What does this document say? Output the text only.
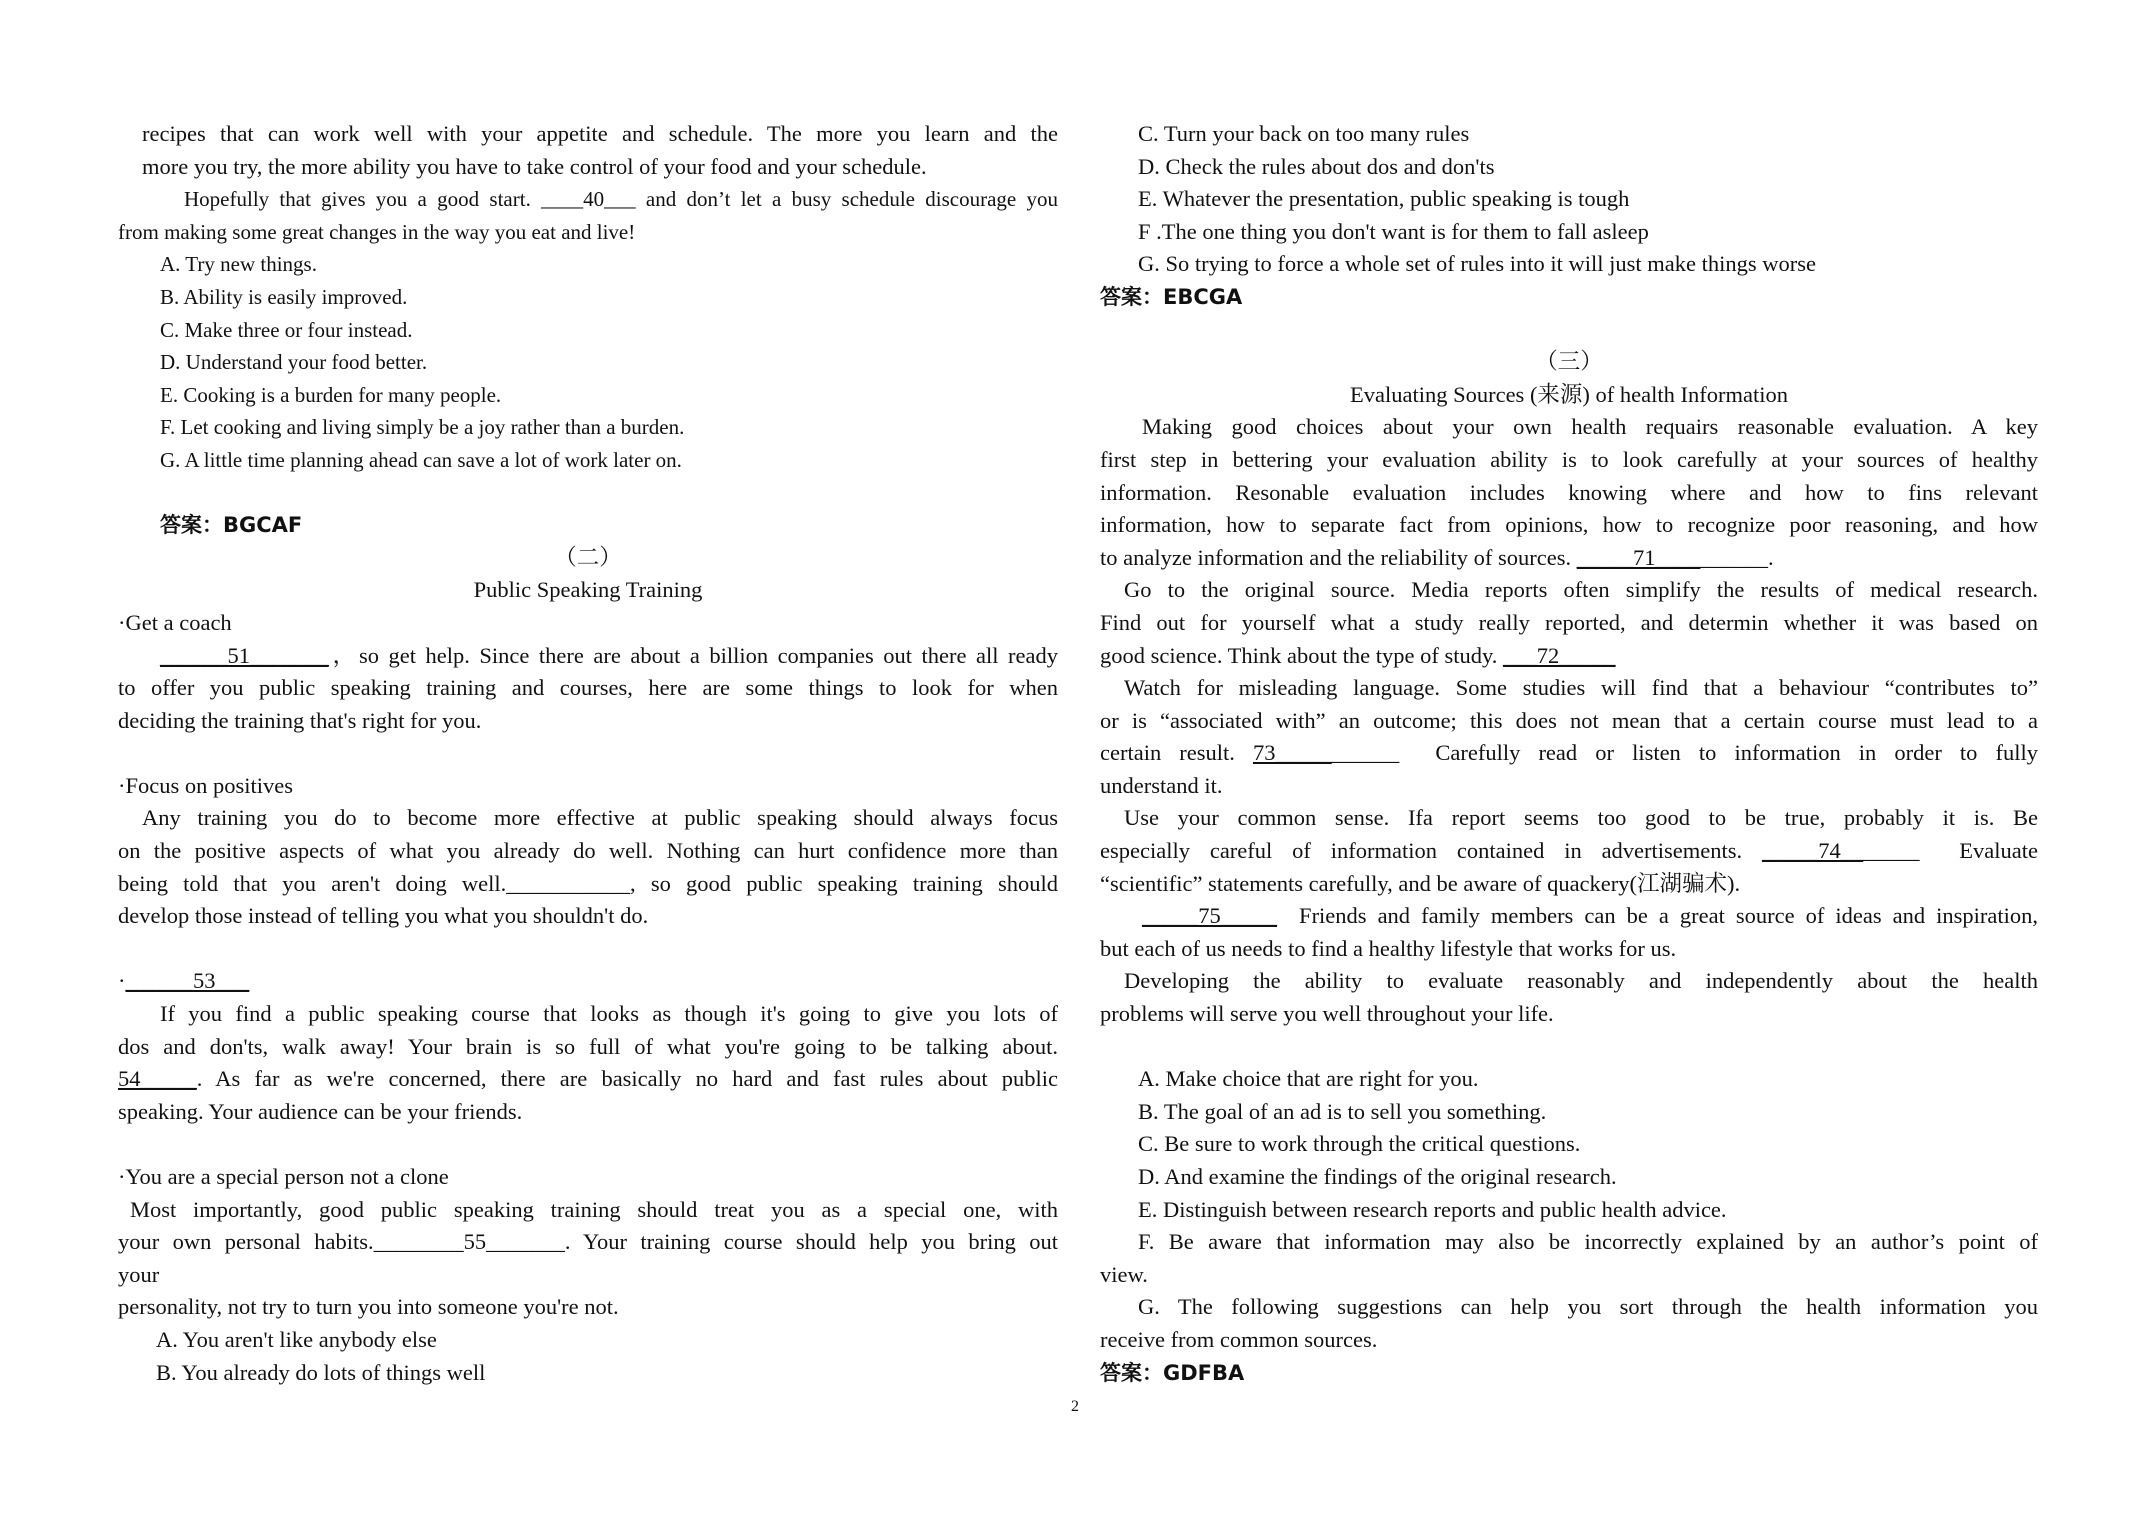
recipes that can work well with your appetite and schedule. The more you learn and the

more you try, the more ability you have to take control of your food and your schedule.

Hopefully that gives you a good start. ____40___ and don’t let a busy schedule discourage you

from making some great changes in the way you eat and live!

A. Try new things.

B. Ability is easily improved.

C. Make three or four instead.

D. Understand your food better.

E. Cooking is a burden for many people.

F. Let cooking and living simply be a joy rather than a burden.

G. A little time planning ahead can save a lot of work later on.

答案：BGCAF

（二）

Public Speaking Training

·Get a coach

______51_______，so get help. Since there are about a billion companies out there all ready

to offer you public speaking training and courses, here are some things to look for when

deciding the training that's right for you.

·Focus on positives

Any training you do to become more effective at public speaking should always focus

on the positive aspects of what you already do well. Nothing can hurt confidence more than

being told that you aren't doing well.___________, so good public speaking training should

develop those instead of telling you what you shouldn't do.

·______53___

If you find a public speaking course that looks as though it's going to give you lots of

dos and don'ts, walk away! Your brain is so full of what you're going to be talking about.

54_____. As far as we're concerned, there are basically no hard and fast rules about public

speaking. Your audience can be your friends.

·You are a special person not a clone

Most importantly, good public speaking training should treat you as a special one, with

your own personal habits.________55_______. Your training course should help you bring out

your

personality, not try to turn you into someone you're not.

A. You aren't like anybody else

B. You already do lots of things well

C. Turn your back on too many rules

D. Check the rules about dos and don'ts

E. Whatever the presentation, public speaking is tough

F .The one thing you don't want is for them to fall asleep

G. So trying to force a whole set of rules into it will just make things worse

答案：EBCGA

（三）

Evaluating Sources (来源) of health Information

Making good choices about your own health requairs reasonable evaluation. A key

first step in bettering your evaluation ability is to look carefully at your sources of healthy

information. Resonable evaluation includes knowing where and how to fins relevant

information, how to separate fact from opinions, how to recognize poor reasoning, and how

to analyze information and the reliability of sources. _____71__________.

Go to the original source. Media reports often simplify the results of medical research.

Find out for yourself what a study really reported, and determin whether it was based on

good science. Think about the type of study. ___72_____

Watch for misleading language. Some studies will find that a behaviour “contributes to”

or is “associated with” an outcome; this does not mean that a certain course must lead to a

certain result. 73___________  Carefully read or listen to information in order to fully

understand it.

Use your common sense. Ifa report seems too good to be true, probably it is. Be

especially careful of information contained in advertisements. _____74_______  Evaluate

“scientific” statements carefully, and be aware of quackery(江湖骗术).

_____75_____  Friends and family members can be a great source of ideas and inspiration,

but each of us needs to find a healthy lifestyle that works for us.

Developing the ability to evaluate reasonably and independently about the health

problems will serve you well throughout your life.

A. Make choice that are right for you.

B. The goal of an ad is to sell you something.

C. Be sure to work through the critical questions.

D. And examine the findings of the original research.

E. Distinguish between research reports and public health advice.

F. Be aware that information may also be incorrectly explained by an author’s point of

view.

G. The following suggestions can help you sort through the health information you

receive from common sources.

答案：GDFBA

2
